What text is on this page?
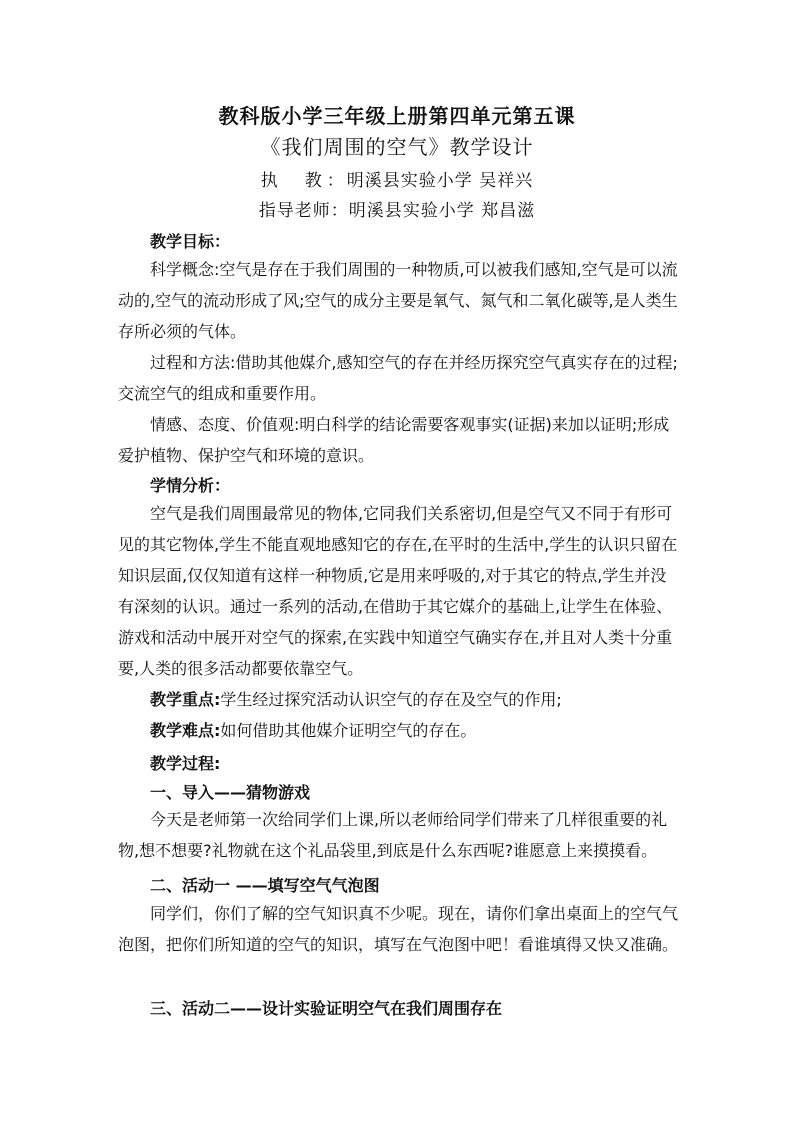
教科版小学三年级上册第四单元第五课
《我们周围的空气》教学设计
执　教： 明溪县实验小学 吴祥兴
指导老师：明溪县实验小学 郑昌滋
教学目标：
科学概念:空气是存在于我们周围的一种物质,可以被我们感知,空气是可以流动的,空气的流动形成了风;空气的成分主要是氧气、氮气和二氧化碳等,是人类生存所必须的气体。
过程和方法:借助其他媒介,感知空气的存在并经历探究空气真实存在的过程;交流空气的组成和重要作用。
情感、态度、价值观:明白科学的结论需要客观事实(证据)来加以证明;形成爱护植物、保护空气和环境的意识。
学情分析：
空气是我们周围最常见的物体,它同我们关系密切,但是空气又不同于有形可见的其它物体,学生不能直观地感知它的存在,在平时的生活中,学生的认识只留在知识层面,仅仅知道有这样一种物质,它是用来呼吸的,对于其它的特点,学生并没有深刻的认识。通过一系列的活动,在借助于其它媒介的基础上,让学生在体验、游戏和活动中展开对空气的探索,在实践中知道空气确实存在,并且对人类十分重要,人类的很多活动都要依靠空气。
教学重点:学生经过探究活动认识空气的存在及空气的作用;
教学难点:如何借助其他媒介证明空气的存在。
教学过程:
一、导入——猜物游戏
今天是老师第一次给同学们上课,所以老师给同学们带来了几样很重要的礼物,想不想要?礼物就在这个礼品袋里,到底是什么东西呢?谁愿意上来摸摸看。
二、活动一 ——填写空气气泡图
同学们，你们了解的空气知识真不少呢。现在，请你们拿出桌面上的空气气泡图，把你们所知道的空气的知识，填写在气泡图中吧！看谁填得又快又准确。
三、活动二——设计实验证明空气在我们周围存在
